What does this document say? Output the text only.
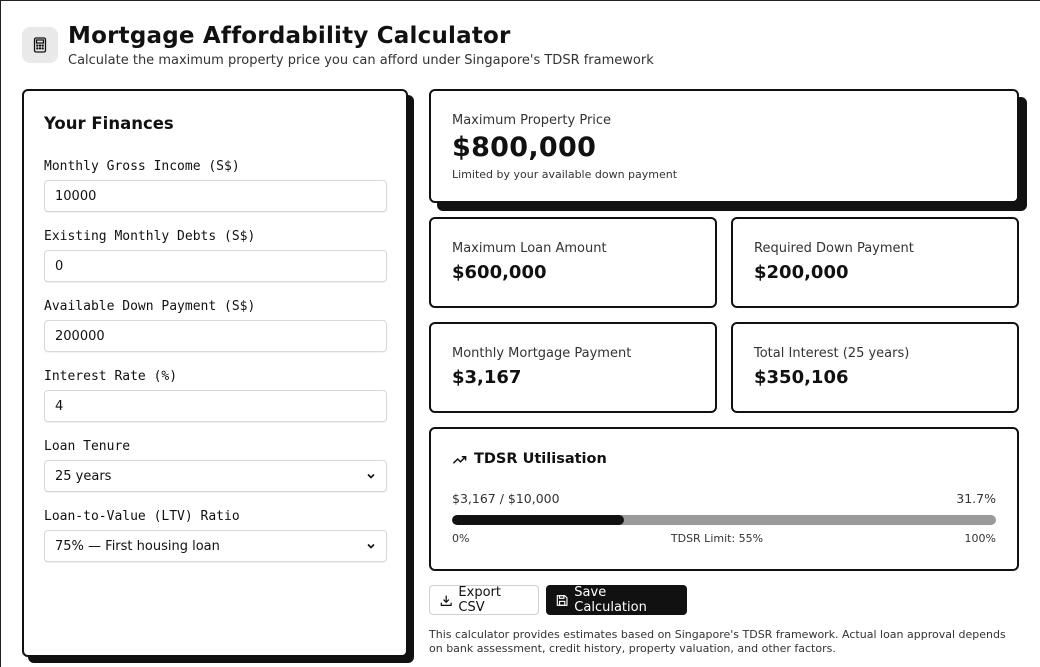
Mortgage Affordability Calculator
Calculate the maximum property price you can afford under Singapore's TDSR framework
Your Finances
Monthly Gross Income (S$)
10000
Existing Monthly Debts (S$)
0
Available Down Payment (S$)
200000
Interest Rate (%)
4
Loan Tenure
25 years
Loan-to-Value (LTV) Ratio
75% — First housing loan
Maximum Property Price
$800,000
Limited by your available down payment
Maximum Loan Amount
$600,000
Required Down Payment
$200,000
Monthly Mortgage Payment
$3,167
Total Interest (25 years)
$350,106
TDSR Utilisation
$3,167 / $10,000	31.7%
0%	TDSR Limit: 55%	100%
Export CSV
Save Calculation
This calculator provides estimates based on Singapore's TDSR framework. Actual loan approval depends on bank assessment, credit history, property valuation, and other factors.
